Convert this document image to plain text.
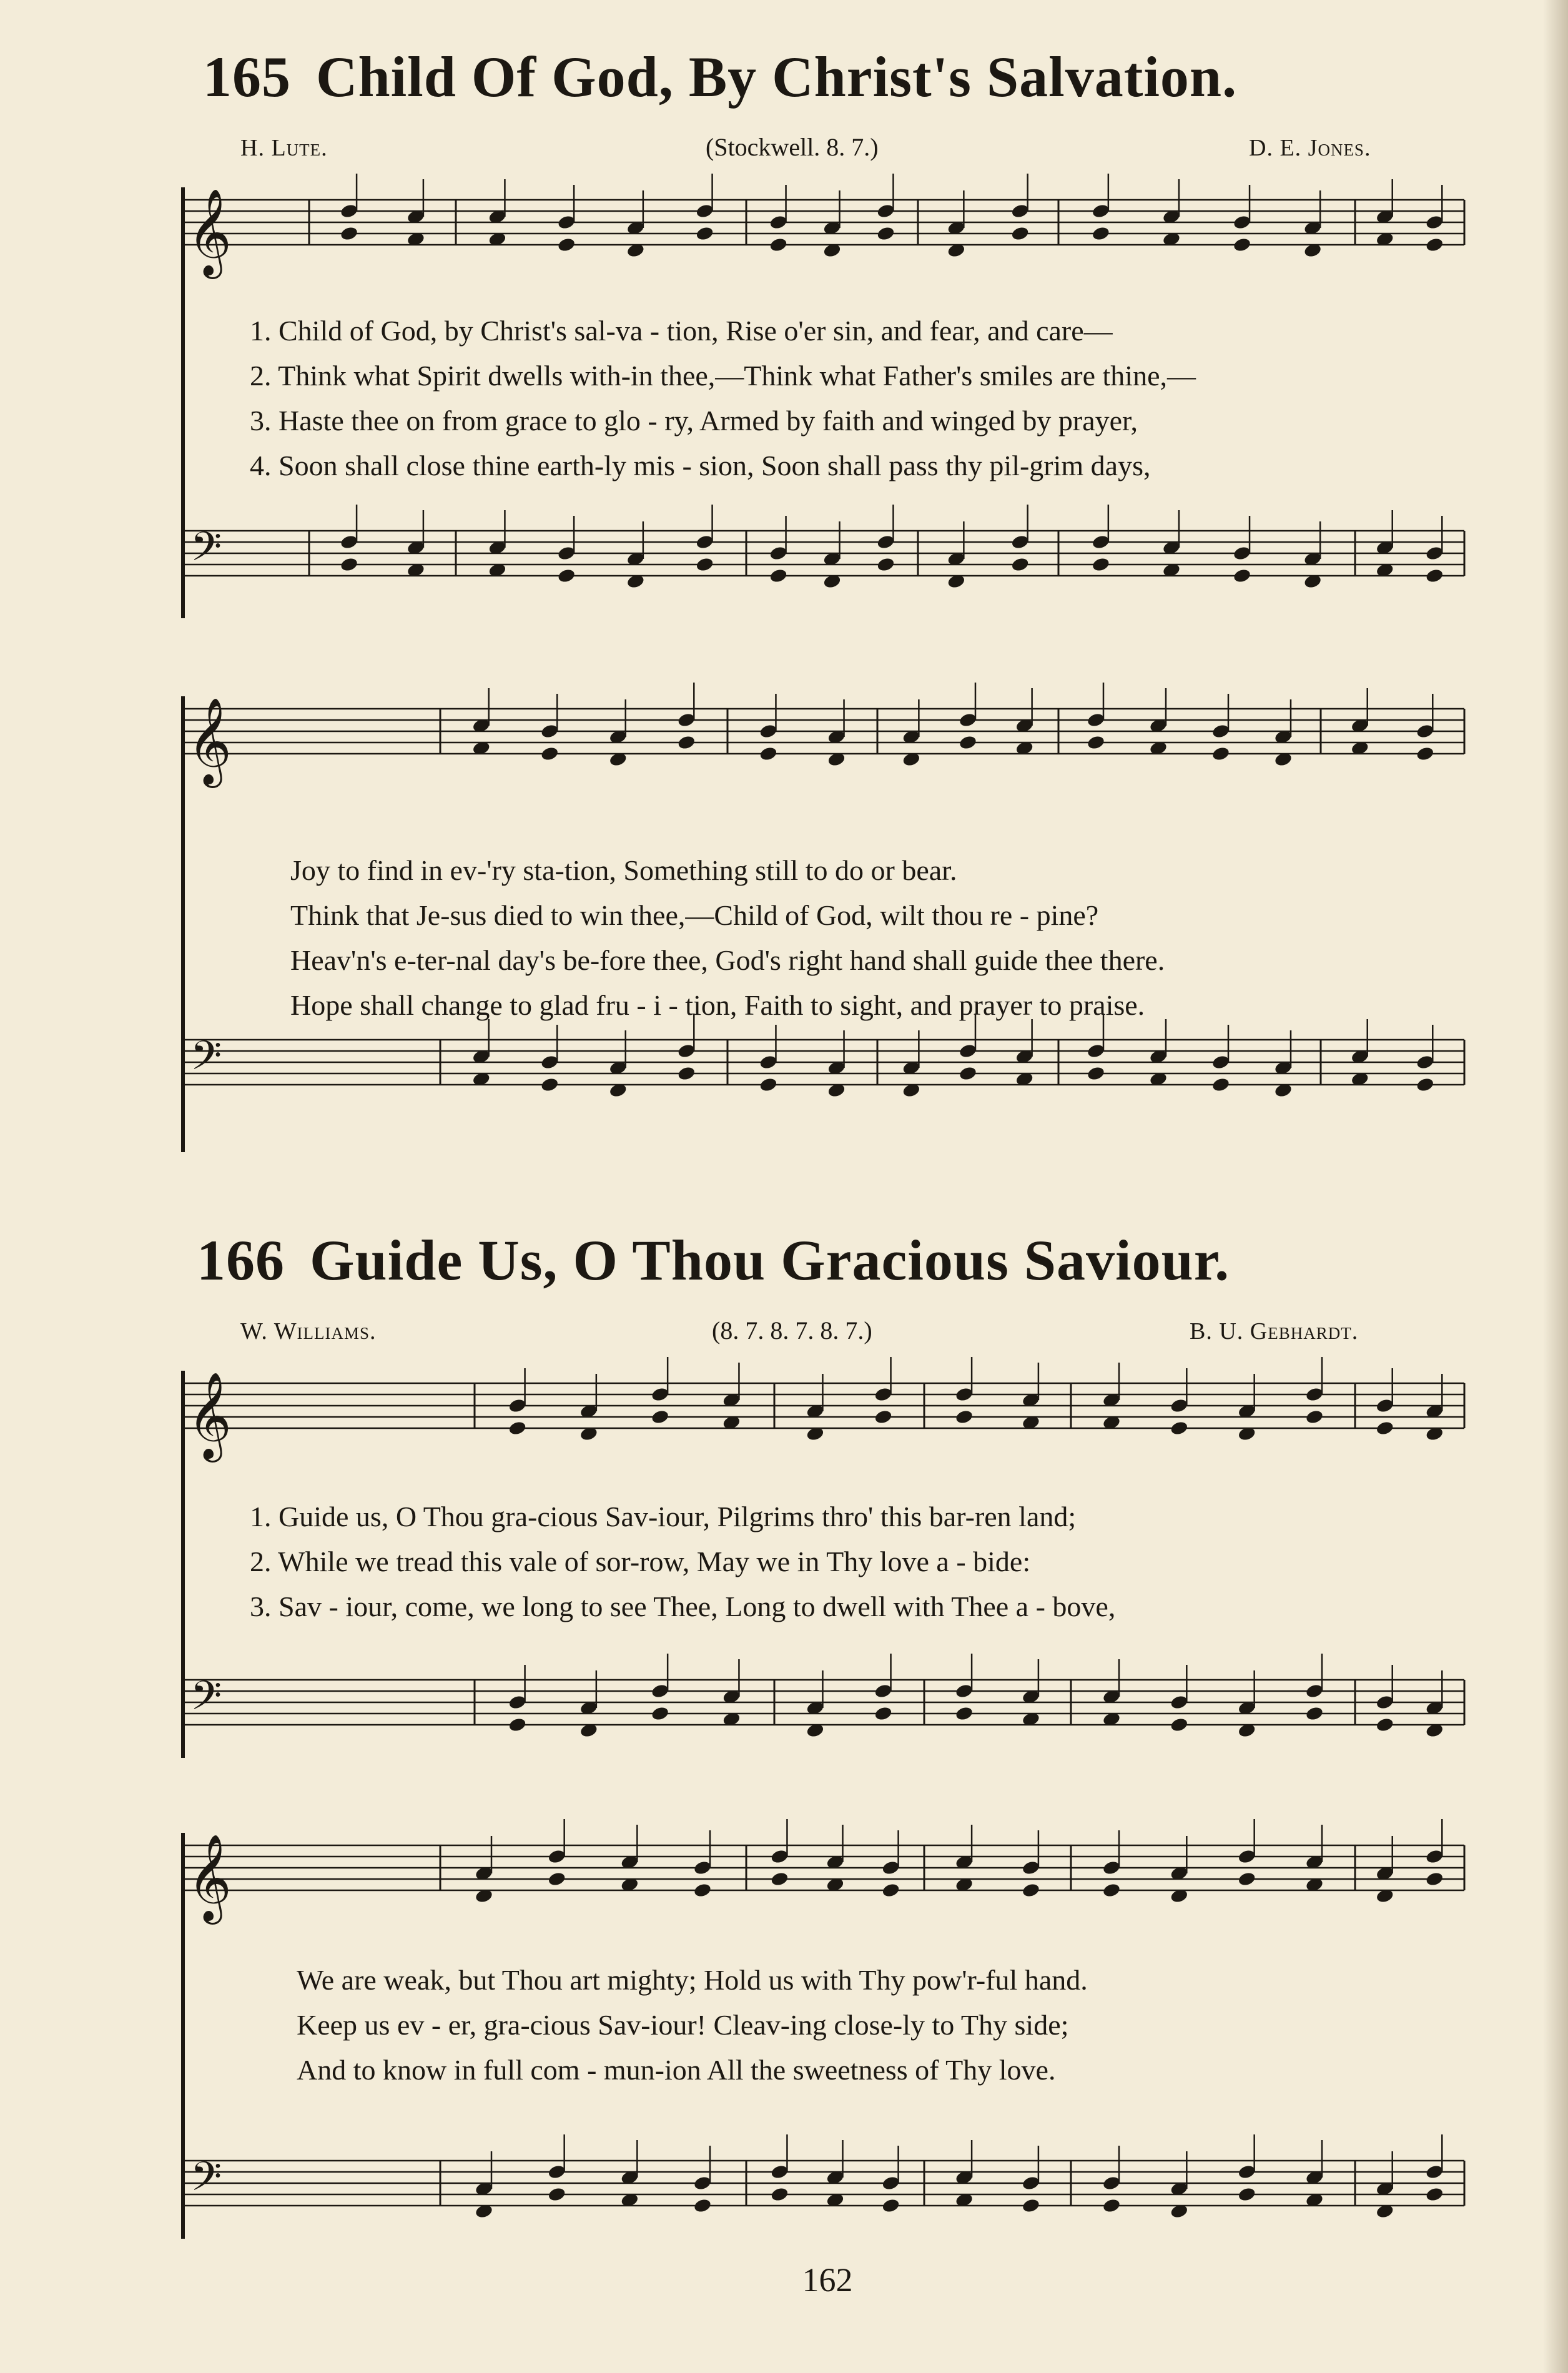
165 Child Of God, By Christ's Salvation.
H. Lute.	(Stockwell. 8. 7.)	D. E. Jones.
1. Child of God, by Christ's sal-va - tion, Rise o'er sin, and fear, and care—
2. Think what Spirit dwells with-in thee,—Think what Father's smiles are thine,—
3. Haste thee on from grace to glo - ry, Armed by faith and winged by prayer,
4. Soon shall close thine earth-ly mis - sion, Soon shall pass thy pil-grim days,
Joy to find in ev-'ry sta-tion, Something still to do or bear.
Think that Je-sus died to win thee,—Child of God, wilt thou re - pine?
Heav'n's e-ter-nal day's be-fore thee, God's right hand shall guide thee there.
Hope shall change to glad fru - i - tion, Faith to sight, and prayer to praise.
166 Guide Us, O Thou Gracious Saviour.
W. Williams.	(8. 7. 8. 7. 8. 7.)	B. U. Gebhardt.
1. Guide us, O Thou gra-cious Sav-iour, Pilgrims thro' this bar-ren land;
2. While we tread this vale of sor-row, May we in Thy love a - bide:
3. Sav - iour, come, we long to see Thee, Long to dwell with Thee a - bove,
We are weak, but Thou art mighty; Hold us with Thy pow'r-ful hand.
Keep us ev - er, gra-cious Sav-iour! Cleav-ing close-ly to Thy side;
And to know in full com - mun-ion All the sweetness of Thy love.
𝄞
𝄢
𝄞
𝄢
𝄞
𝄢
𝄞
𝄢
162
